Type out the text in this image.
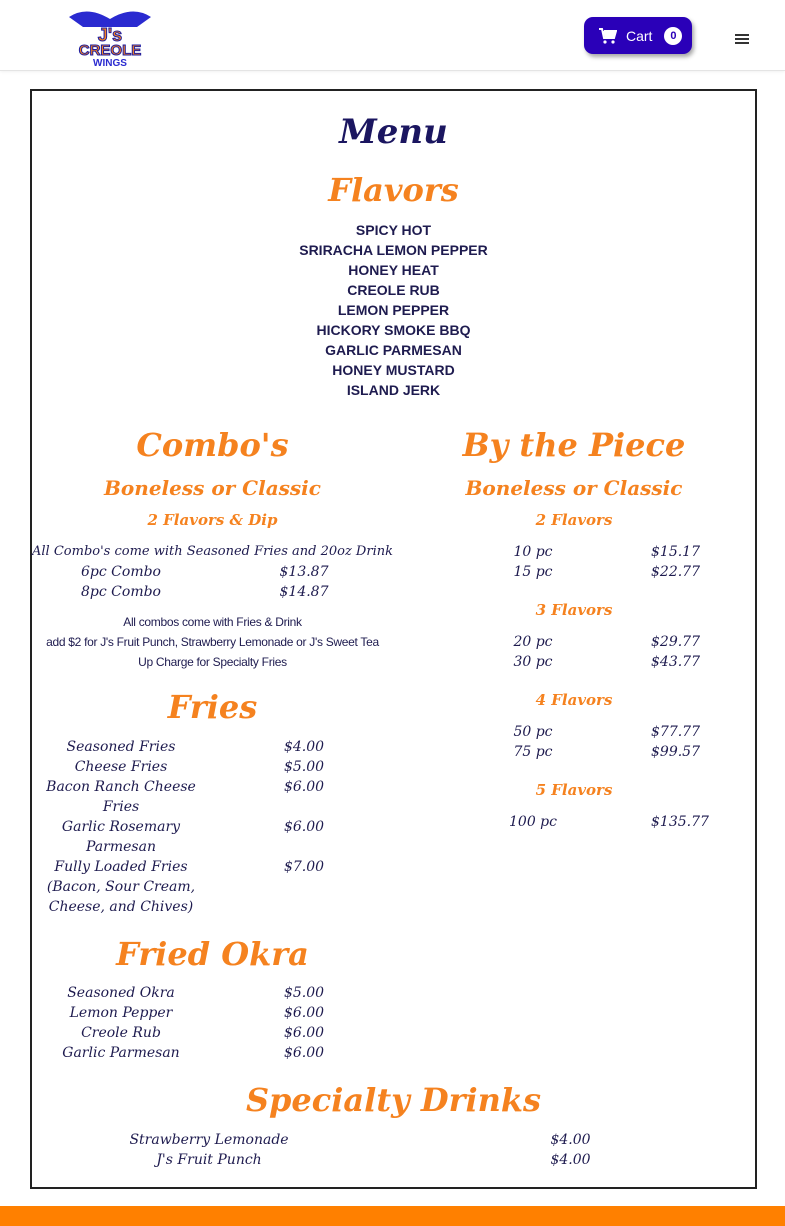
J's
CREOLE
WINGS
Cart	0
Menu
Flavors
SPICY HOT
SRIRACHA LEMON PEPPER
HONEY HEAT
CREOLE RUB
LEMON PEPPER
HICKORY SMOKE BBQ
GARLIC PARMESAN
HONEY MUSTARD
ISLAND JERK
Combo's
Boneless or Classic
2 Flavors & Dip
All Combo's come with Seasoned Fries and 20oz Drink
6pc Combo	$13.87
8pc Combo	$14.87
All combos come with Fries & Drink
add $2 for J's Fruit Punch, Strawberry Lemonade or J's Sweet Tea
Up Charge for Specialty Fries
Fries
Seasoned Fries	$4.00
Cheese Fries	$5.00
Bacon Ranch Cheese Fries
$6.00
Garlic Rosemary Parmesan
$6.00
Fully Loaded Fries (Bacon, Sour Cream, Cheese, and Chives)
$7.00
Fried Okra
Seasoned Okra	$5.00
Lemon Pepper	$6.00
Creole Rub	$6.00
Garlic Parmesan	$6.00
By the Piece
Boneless or Classic
2 Flavors
10 pc	$15.17
15 pc	$22.77
3 Flavors
20 pc	$29.77
30 pc	$43.77
4 Flavors
50 pc	$77.77
75 pc	$99.57
5 Flavors
100 pc	$135.77
Specialty Drinks
Strawberry Lemonade	$4.00
J's Fruit Punch	$4.00
